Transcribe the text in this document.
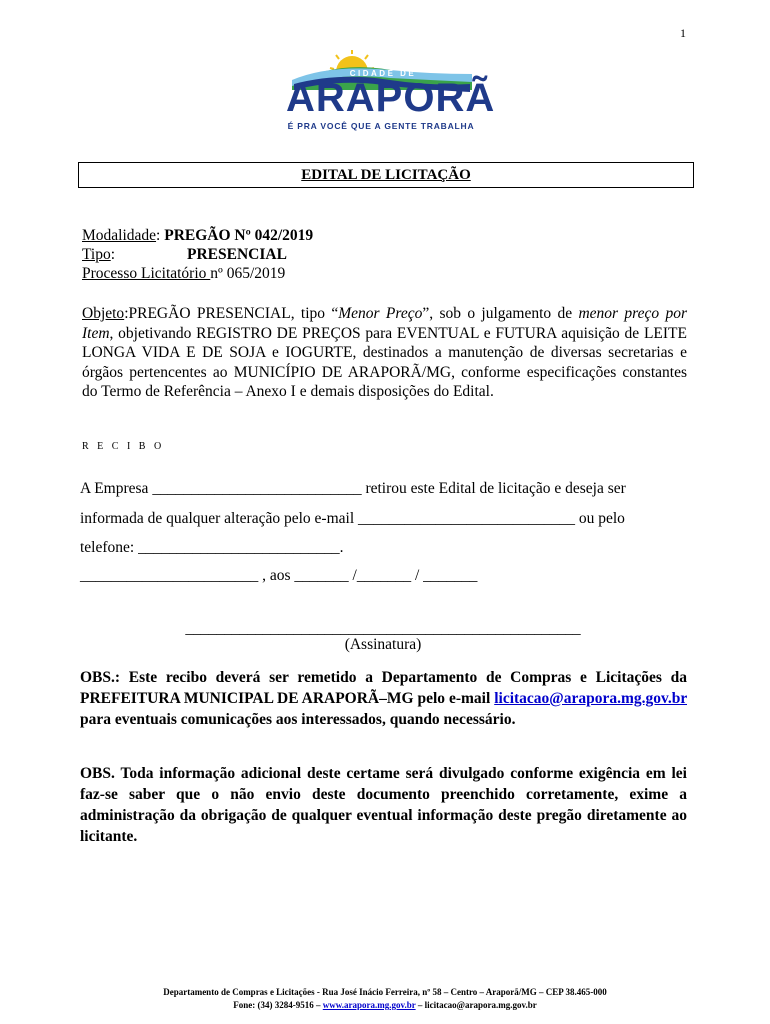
1
CIDADE DE
ARAPORÃ
É PRA VOCÊ QUE A GENTE TRABALHA
EDITAL DE LICITAÇÃO
Modalidade: PREGÃO Nº 042/2019
Tipo:	PRESENCIAL
Processo Licitatório nº 065/2019
Objeto:PREGÃO PRESENCIAL, tipo “Menor Preço”, sob o julgamento de menor preço por Item, objetivando REGISTRO DE PREÇOS para EVENTUAL e FUTURA aquisição de LEITE LONGA VIDA E DE SOJA e IOGURTE, destinados a manutenção de diversas secretarias e órgãos pertencentes ao MUNICÍPIO DE ARAPORÃ/MG, conforme especificações constantes do Termo de Referência – Anexo I e demais disposições do Edital.
R E C I B O
A Empresa ___________________________ retirou este Edital de licitação e deseja ser
informada de qualquer alteração pelo e-mail ____________________________ ou pelo
telefone: __________________________.
_______________________ , aos _______ /_______ / _______
___________________________________________________
(Assinatura)
OBS.: Este recibo deverá ser remetido a Departamento de Compras e Licitações da PREFEITURA MUNICIPAL DE ARAPORÃ–MG pelo e-mail licitacao@arapora.mg.gov.br para eventuais comunicações aos interessados, quando necessário.
OBS. Toda informação adicional deste certame será divulgado conforme exigência em lei faz-se saber que o não envio deste documento preenchido corretamente, exime a administração da obrigação de qualquer eventual informação deste pregão diretamente ao licitante.
Departamento de Compras e Licitações - Rua José Inácio Ferreira, nº 58 – Centro – Araporã/MG – CEP 38.465-000
Fone: (34) 3284-9516 – www.arapora.mg.gov.br – licitacao@arapora.mg.gov.br
